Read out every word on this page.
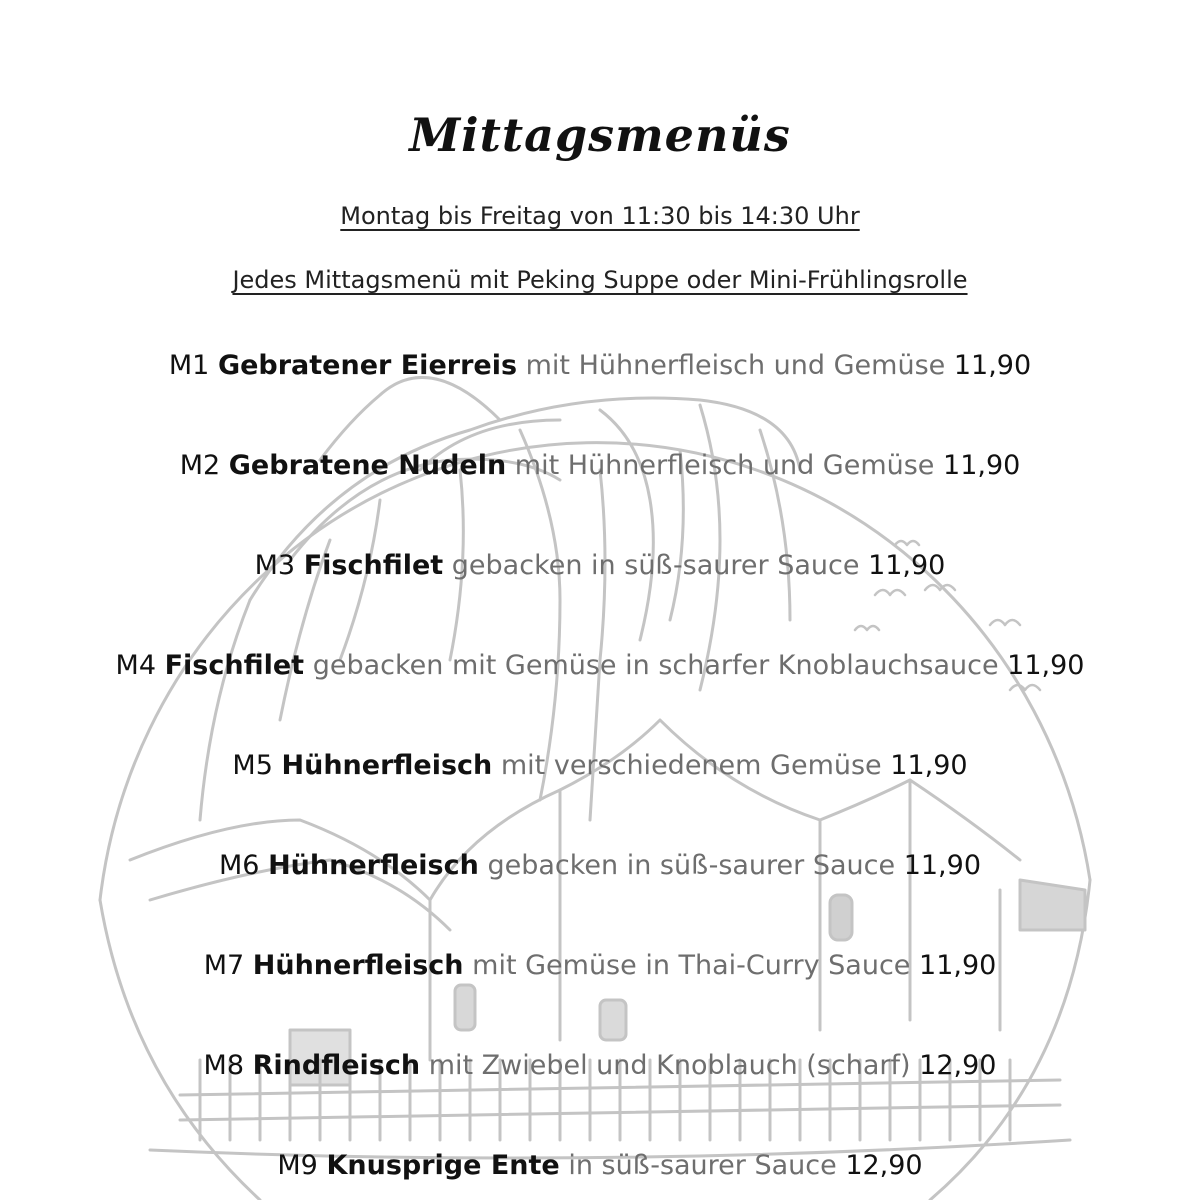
Mittagsmenüs

Montag bis Freitag von 11:30 bis 14:30 Uhr

Jedes Mittagsmenü mit Peking Suppe oder Mini-Frühlingsrolle

M1 Gebratener Eierreis mit Hühnerfleisch und Gemüse 11,90

M2 Gebratene Nudeln mit Hühnerfleisch und Gemüse 11,90

M3 Fischfilet gebacken in süß-saurer Sauce 11,90

M4 Fischfilet gebacken mit Gemüse in scharfer Knoblauchsauce 11,90

M5 Hühnerfleisch mit verschiedenem Gemüse 11,90

M6 Hühnerfleisch gebacken in süß-saurer Sauce 11,90

M7 Hühnerfleisch mit Gemüse in Thai-Curry Sauce 11,90

M8 Rindfleisch mit Zwiebel und Knoblauch (scharf) 12,90

M9 Knusprige Ente in süß-saurer Sauce 12,90
